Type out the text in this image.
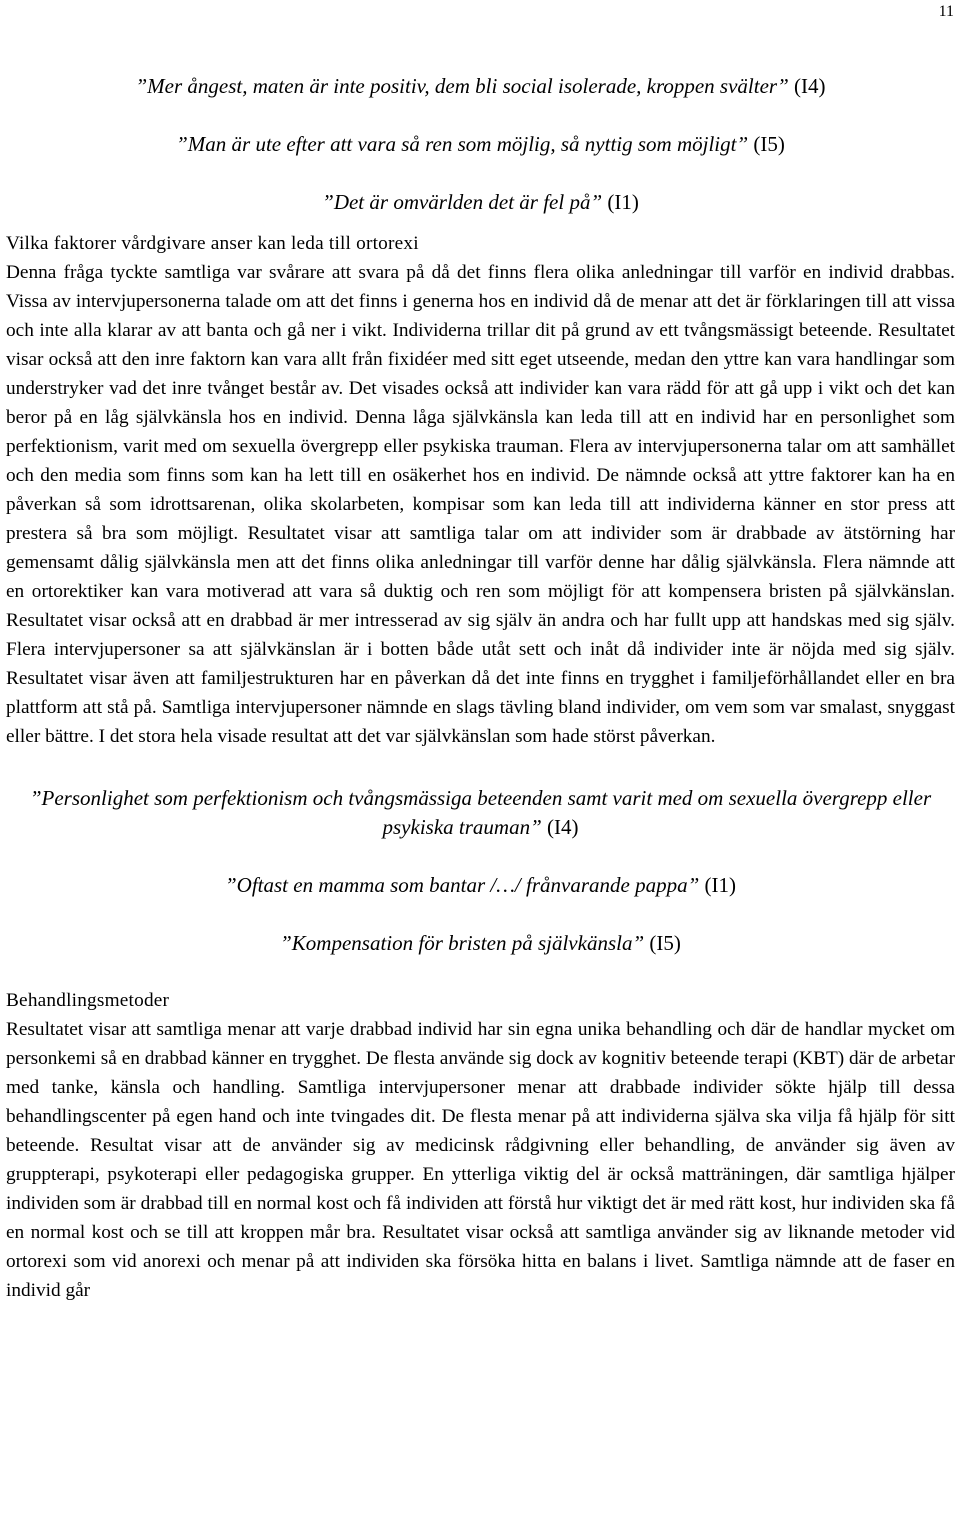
11

”Mer ångest, maten är inte positiv, dem bli social isolerade, kroppen svälter” (I4)

”Man är ute efter att vara så ren som möjlig, så nyttig som möjligt” (I5)

”Det är omvärlden det är fel på” (I1)

Vilka faktorer vårdgivare anser kan leda till ortorexi

Denna fråga tyckte samtliga var svårare att svara på då det finns flera olika anledningar till varför en individ drabbas. Vissa av intervjupersonerna talade om att det finns i generna hos en individ då de menar att det är förklaringen till att vissa och inte alla klarar av att banta och gå ner i vikt. Individerna trillar dit på grund av ett tvångsmässigt beteende. Resultatet visar också att den inre faktorn kan vara allt från fixidéer med sitt eget utseende, medan den yttre kan vara handlingar som understryker vad det inre tvånget består av. Det visades också att individer kan vara rädd för att gå upp i vikt och det kan beror på en låg självkänsla hos en individ. Denna låga självkänsla kan leda till att en individ har en personlighet som perfektionism, varit med om sexuella övergrepp eller psykiska trauman. Flera av intervjupersonerna talar om att samhället och den media som finns som kan ha lett till en osäkerhet hos en individ. De nämnde också att yttre faktorer kan ha en påverkan så som idrottsarenan, olika skolarbeten, kompisar som kan leda till att individerna känner en stor press att prestera så bra som möjligt. Resultatet visar att samtliga talar om att individer som är drabbade av ätstörning har gemensamt dålig självkänsla men att det finns olika anledningar till varför denne har dålig självkänsla. Flera nämnde att en ortorektiker kan vara motiverad att vara så duktig och ren som möjligt för att kompensera bristen på självkänslan. Resultatet visar också att en drabbad är mer intresserad av sig själv än andra och har fullt upp att handskas med sig själv. Flera intervjupersoner sa att självkänslan är i botten både utåt sett och inåt då individer inte är nöjda med sig själv. Resultatet visar även att familjestrukturen har en påverkan då det inte finns en trygghet i familjeförhållandet eller en bra plattform att stå på. Samtliga intervjupersoner nämnde en slags tävling bland individer, om vem som var smalast, snyggast eller bättre. I det stora hela visade resultat att det var självkänslan som hade störst påverkan.

”Personlighet som perfektionism och tvångsmässiga beteenden samt varit med om sexuella övergrepp eller psykiska trauman” (I4)

”Oftast en mamma som bantar /…/ frånvarande pappa” (I1)

”Kompensation för bristen på självkänsla” (I5)

Behandlingsmetoder

Resultatet visar att samtliga menar att varje drabbad individ har sin egna unika behandling och där de handlar mycket om personkemi så en drabbad känner en trygghet. De flesta använde sig dock av kognitiv beteende terapi (KBT) där de arbetar med tanke, känsla och handling. Samtliga intervjupersoner menar att drabbade individer sökte hjälp till dessa behandlingscenter på egen hand och inte tvingades dit. De flesta menar på att individerna själva ska vilja få hjälp för sitt beteende. Resultat visar att de använder sig av medicinsk rådgivning eller behandling, de använder sig även av gruppterapi, psykoterapi eller pedagogiska grupper. En ytterliga viktig del är också matträningen, där samtliga hjälper individen som är drabbad till en normal kost och få individen att förstå hur viktigt det är med rätt kost, hur individen ska få en normal kost och se till att kroppen mår bra. Resultatet visar också att samtliga använder sig av liknande metoder vid ortorexi som vid anorexi och menar på att individen ska försöka hitta en balans i livet. Samtliga nämnde att de faser en individ går
